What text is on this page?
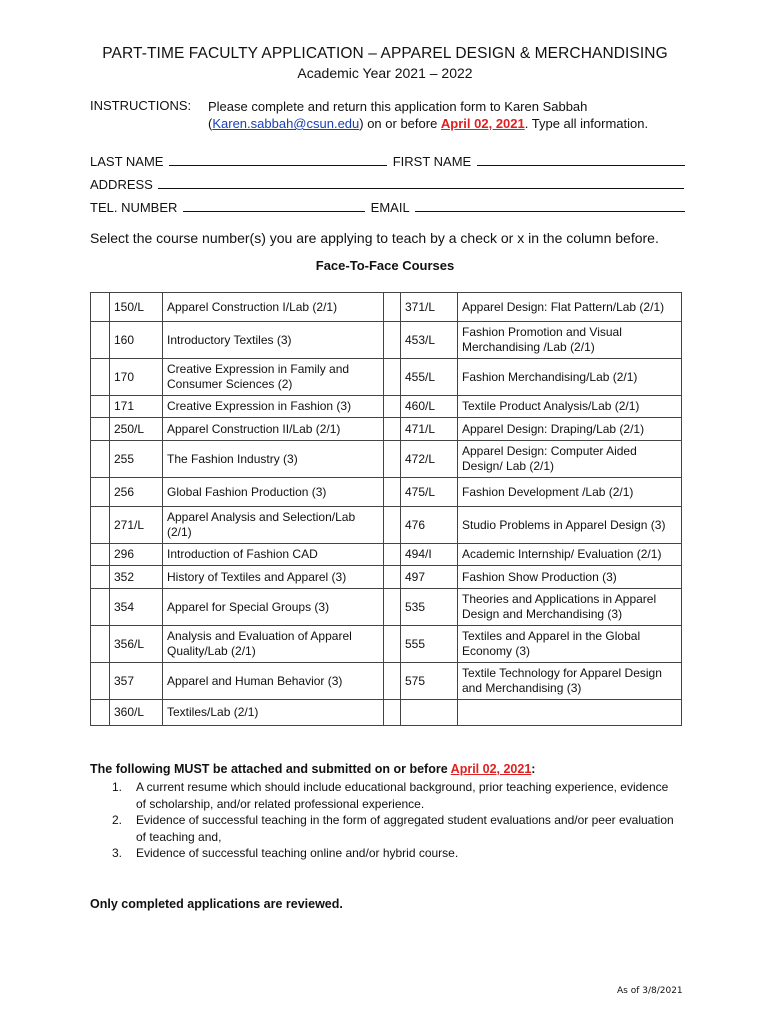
PART-TIME FACULTY APPLICATION – APPAREL DESIGN & MERCHANDISING
Academic Year 2021 – 2022
INSTRUCTIONS: Please complete and return this application form to Karen Sabbah (Karen.sabbah@csun.edu) on or before April 02, 2021. Type all information.
LAST NAME	FIRST NAME
ADDRESS
TEL. NUMBER	EMAIL
Select the course number(s) you are applying to teach by a check or x in the column before.
Face-To-Face Courses
	150/L	Apparel Construction I/Lab (2/1)		371/L	Apparel Design: Flat Pattern/Lab (2/1)
	160	Introductory Textiles (3)		453/L	Fashion Promotion and Visual Merchandising /Lab (2/1)
	170	Creative Expression in Family and Consumer Sciences (2)		455/L	Fashion Merchandising/Lab (2/1)
	171	Creative Expression in Fashion (3)		460/L	Textile Product Analysis/Lab (2/1)
	250/L	Apparel Construction II/Lab (2/1)		471/L	Apparel Design: Draping/Lab (2/1)
	255	The Fashion Industry (3)		472/L	Apparel Design: Computer Aided Design/ Lab (2/1)
	256	Global Fashion Production (3)		475/L	Fashion Development /Lab (2/1)
	271/L	Apparel Analysis and Selection/Lab (2/1)		476	Studio Problems in Apparel Design (3)
	296	Introduction of Fashion CAD		494/I	Academic Internship/ Evaluation (2/1)
	352	History of Textiles and Apparel (3)		497	Fashion Show Production (3)
	354	Apparel for Special Groups (3)		535	Theories and Applications in Apparel Design and Merchandising (3)
	356/L	Analysis and Evaluation of Apparel Quality/Lab (2/1)		555	Textiles and Apparel in the Global Economy (3)
	357	Apparel and Human Behavior (3)		575	Textile Technology for Apparel Design and Merchandising (3)
	360/L	Textiles/Lab (2/1)			
The following MUST be attached and submitted on or before April 02, 2021:
1. A current resume which should include educational background, prior teaching experience, evidence of scholarship, and/or related professional experience.
2. Evidence of successful teaching in the form of aggregated student evaluations and/or peer evaluation of teaching and,
3. Evidence of successful teaching online and/or hybrid course.
Only completed applications are reviewed.
As of 3/8/2021
